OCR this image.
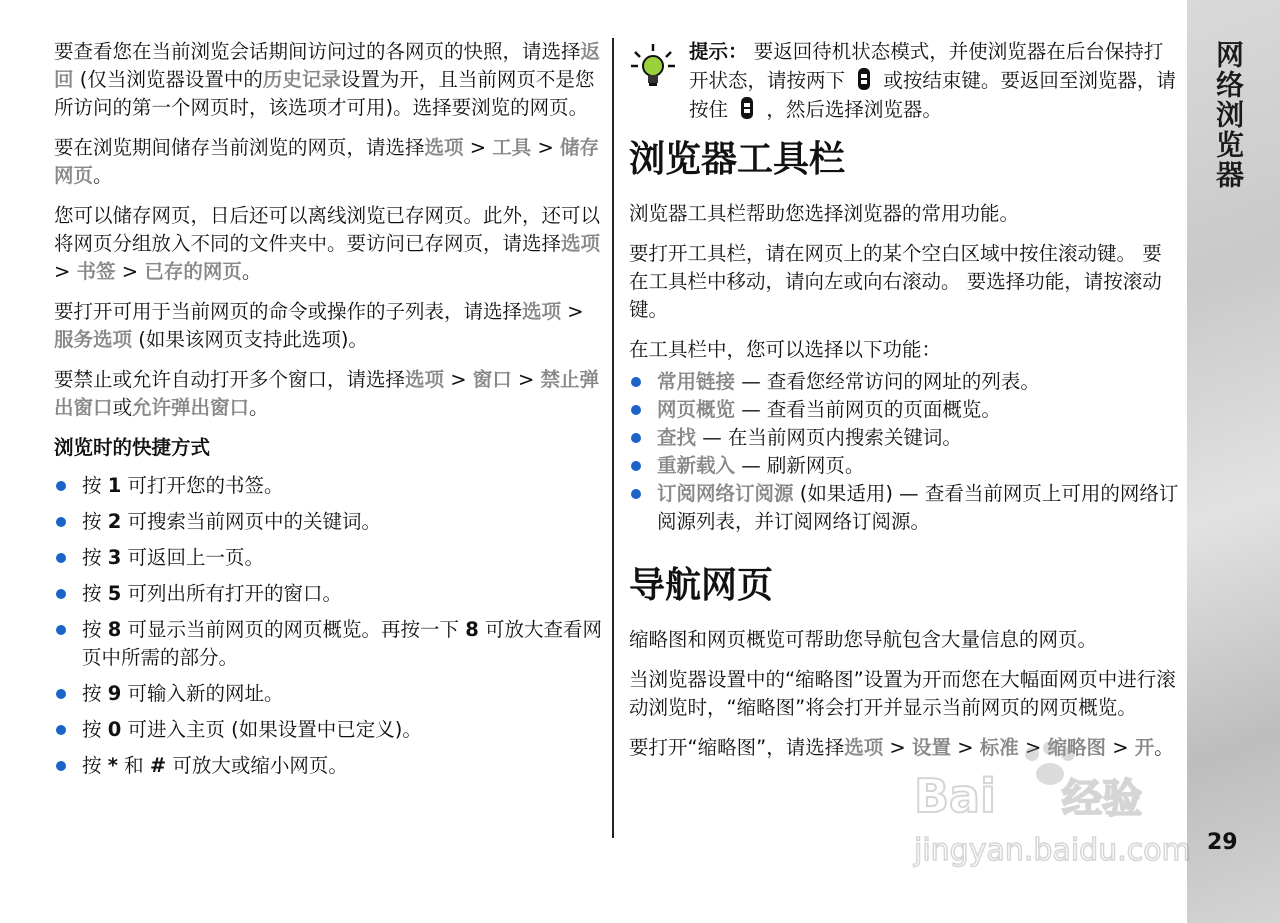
网络浏览器
29

要查看您在当前浏览会话期间访问过的各网页的快照，请选择返回 (仅当浏览器设置中的历史记录设置为开，且当前网页不是您所访问的第一个网页时，该选项才可用)。选择要浏览的网页。

要在浏览期间储存当前浏览的网页，请选择选项 > 工具 > 储存网页。

您可以储存网页，日后还可以离线浏览已存网页。此外，还可以将网页分组放入不同的文件夹中。要访问已存网页，请选择选项 > 书签 > 已存的网页。

要打开可用于当前网页的命令或操作的子列表，请选择选项 > 服务选项 (如果该网页支持此选项)。

要禁止或允许自动打开多个窗口，请选择选项 > 窗口 > 禁止弹出窗口或允许弹出窗口。

浏览时的快捷方式
按 1 可打开您的书签。
按 2 可搜索当前网页中的关键词。
按 3 可返回上一页。
按 5 可列出所有打开的窗口。
按 8 可显示当前网页的网页概览。再按一下 8 可放大查看网页中所需的部分。
按 9 可输入新的网址。
按 0 可进入主页 (如果设置中已定义)。
按 * 和 # 可放大或缩小网页。
提示： 要返回待机状态模式，并使浏览器在后台保持打开状态，请按两下 或按结束键。要返回至浏览器，请按住 ，然后选择浏览器。
浏览器工具栏

浏览器工具栏帮助您选择浏览器的常用功能。

要打开工具栏，请在网页上的某个空白区域中按住滚动键。 要在工具栏中移动，请向左或向右滚动。 要选择功能，请按滚动键。

在工具栏中，您可以选择以下功能：

常用链接 — 查看您经常访问的网址的列表。
网页概览 — 查看当前网页的页面概览。
查找 — 在当前网页内搜索关键词。
重新载入 — 刷新网页。
订阅网络订阅源 (如果适用) — 查看当前网页上可用的网络订阅源列表，并订阅网络订阅源。
导航网页

缩略图和网页概览可帮助您导航包含大量信息的网页。

当浏览器设置中的“缩略图”设置为开而您在大幅面网页中进行滚动浏览时，“缩略图”将会打开并显示当前网页的网页概览。

要打开“缩略图”，请选择选项 > 设置 > 标准 > 缩略图 > 开。

Bai 经验
jingyan.baidu.com
